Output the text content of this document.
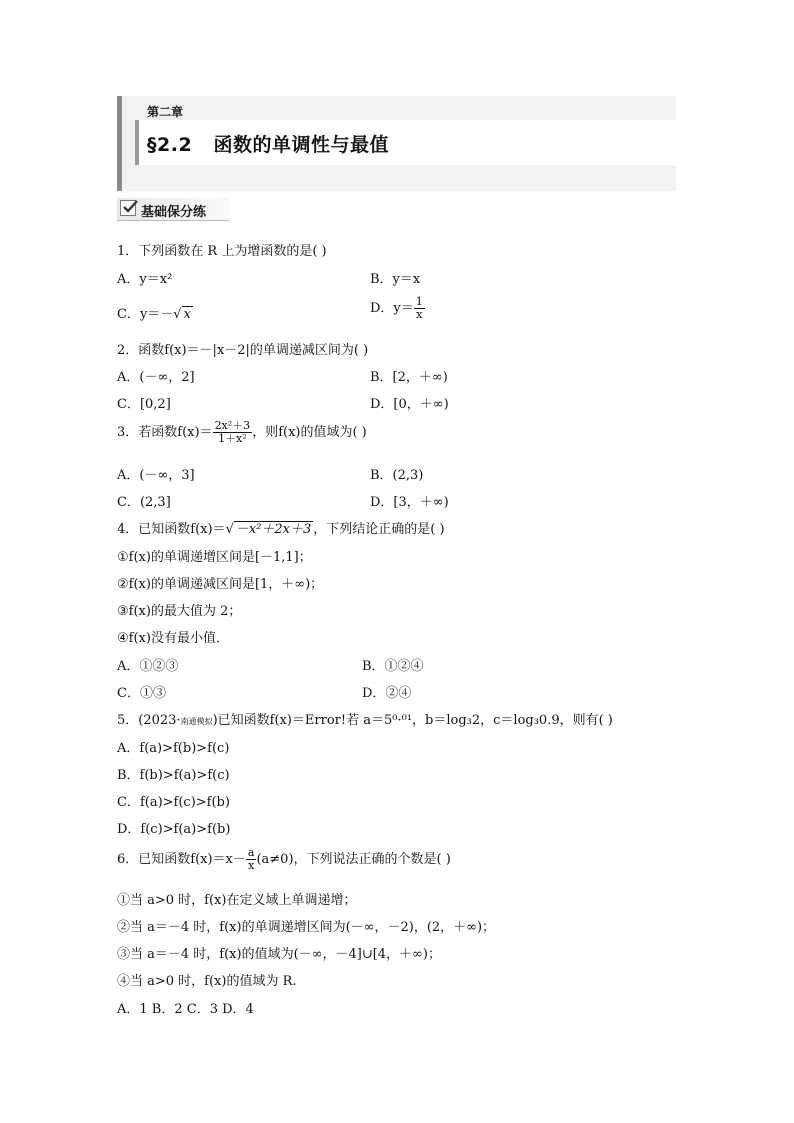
第二章
§2.2 函数的单调性与最值
基础保分练
1．下列函数在 R 上为增函数的是( )
A．y＝x²	B．y＝x
C．y＝－√ x	D．$y= \frac{1}{x}$
2．函数f(x)＝－|x－2|的单调递减区间为( )
A．(－∞，2]	B．[2，＋∞)
C．[0,2]	D．[0，＋∞)
3．若函数$f(x)= \frac{\text{2x²＋3}}{\text{1＋x²}}$ ，则f(x)的值域为( )
A．(－∞，3]	B．(2,3)
C．(2,3]	D．[3，＋∞)
4．已知函数f(x)＝√ －x²＋2x＋3 ，下列结论正确的是( )
①f(x)的单调递增区间是[－1,1]；
②f(x)的单调递减区间是[1，＋∞)；
③f(x)的最大值为 2；
④f(x)没有最小值．
A．①②③	B．①②④
C．①③	D．②④
5．(2023·南通模拟)已知函数f(x)＝Error!若 a＝5⁰·⁰¹，b＝log₃2，c＝log₃0.9，则有( )
A．f(a)>f(b)>f(c)
B．f(b)>f(a)>f(c)
C．f(a)>f(c)>f(b)
D．f(c)>f(a)>f(b)
6．已知函数$f(x)=x- \frac{a}{x} (a\ne 0)$，下列说法正确的个数是( )
①当 a>0 时，f(x)在定义域上单调递增；
②当 a＝－4 时，f(x)的单调递增区间为(－∞，－2)，(2，＋∞)；
③当 a＝－4 时，f(x)的值域为(－∞，－4]∪[4，＋∞)；
④当 a>0 时，f(x)的值域为 R.
A．1 B．2 C．3 D．4
